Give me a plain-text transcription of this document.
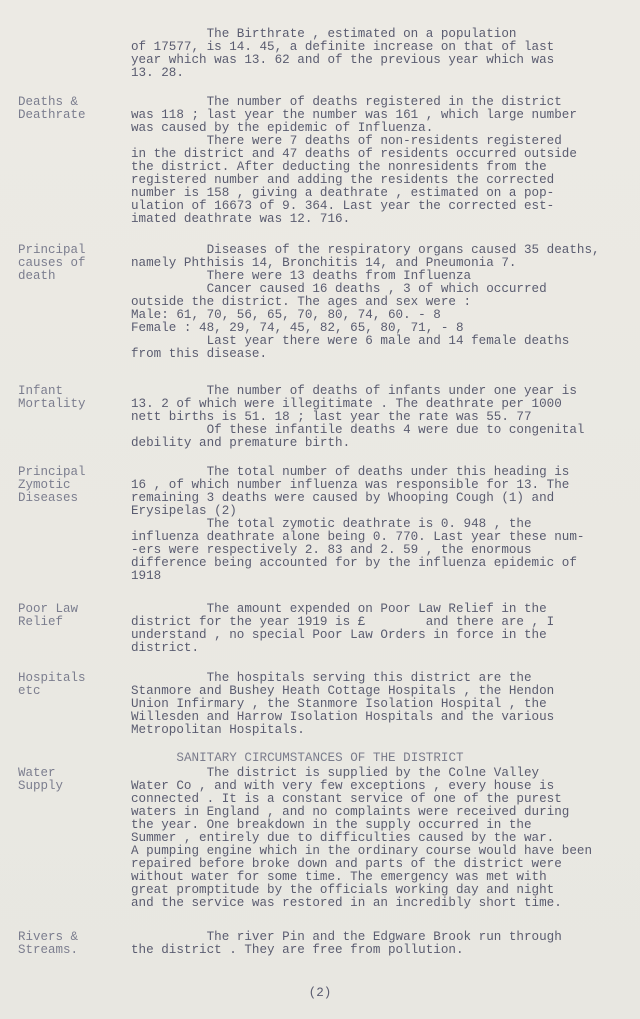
The Birthrate , estimated on a population
of 17577, is 14. 45, a definite increase on that of last
year which was 13. 62 and of the previous year which was
13. 28.
Deaths &
Deathrate
The number of deaths registered in the district
was 118 ; last year the number was 161 , which large number
was caused by the epidemic of Influenza.
There were 7 deaths of non-residents registered
in the district and 47 deaths of residents occurred outside
the district. After deducting the nonresidents from the
registered number and adding the residents the corrected
number is 158 , giving a deathrate , estimated on a pop-
ulation of 16673 of 9. 364. Last year the corrected est-
imated deathrate was 12. 716.
Principal
causes of
death
Diseases of the respiratory organs caused 35 deaths,
namely Phthisis 14, Bronchitis 14, and Pneumonia 7.
There were 13 deaths from Influenza
Cancer caused 16 deaths , 3 of which occurred
outside the district. The ages and sex were :
Male: 61, 70, 56, 65, 70, 80, 74, 60. - 8
Female : 48, 29, 74, 45, 82, 65, 80, 71, - 8
Last year there were 6 male and 14 female deaths
from this disease.
Infant
Mortality
The number of deaths of infants under one year is
13. 2 of which were illegitimate . The deathrate per 1000
nett births is 51. 18 ; last year the rate was 55. 77
Of these infantile deaths 4 were due to congenital
debility and premature birth.
Principal
Zymotic
Diseases
The total number of deaths under this heading is
16 , of which number influenza was responsible for 13. The
remaining 3 deaths were caused by Whooping Cough (1) and
Erysipelas (2)
The total zymotic deathrate is 0. 948 , the
influenza deathrate alone being 0. 770. Last year these num-
-ers were respectively 2. 83 and 2. 59 , the enormous
difference being accounted for by the influenza epidemic of
1918
Poor Law
Relief
The amount expended on Poor Law Relief in the
district for the year 1919 is £        and there are , I
understand , no special Poor Law Orders in force in the
district.
Hospitals
etc
The hospitals serving this district are the
Stanmore and Bushey Heath Cottage Hospitals , the Hendon
Union Infirmary , the Stanmore Isolation Hospital , the
Willesden and Harrow Isolation Hospitals and the various
Metropolitan Hospitals.
SANITARY CIRCUMSTANCES OF THE DISTRICT
Water
Supply
The district is supplied by the Colne Valley
Water Co , and with very few exceptions , every house is
connected . It is a constant service of one of the purest
waters in England , and no complaints were received during
the year. One breakdown in the supply occurred in the
Summer , entirely due to difficulties caused by the war.
A pumping engine which in the ordinary course would have been
repaired before broke down and parts of the district were
without water for some time. The emergency was met with
great promptitude by the officials working day and night
and the service was restored in an incredibly short time.
Rivers &
Streams.
The river Pin and the Edgware Brook run through
the district . They are free from pollution.
(2)
